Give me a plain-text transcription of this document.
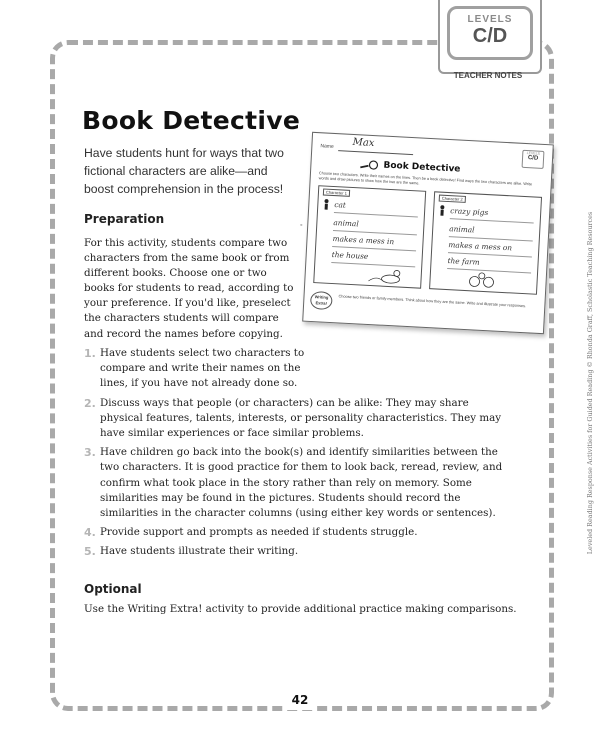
LEVELS
C/D
TEACHER NOTES
Book Detective

Have students hunt for ways that two fictional characters are alike—and boost comprehension in the process!

Preparation

For this activity, students compare two characters from the same book or from different books. Choose one or two books for students to read, according to your preference. If you'd like, preselect the characters students will compare and record the names before copying.

Name Max
LEVELS
C/D
Book Detective
Choose two characters. Write their names on the lines. Then be a book detective! Find ways the two characters are alike. Write words and draw pictures to show how the two are the same.
≈
Character 1
cat
animal
makes a mess in
the house
Character 2
crazy pigs
animal
makes a mess on
the farm
Writing Extra!	Choose two friends or family members. Think about how they are the same. Write and illustrate your responses.
1. Have students select two characters to compare and write their names on the lines, if you have not already done so.
2. Discuss ways that people (or characters) can be alike: They may share physical features, talents, interests, or personality characteristics. They may have similar experiences or face similar problems.
3. Have children go back into the book(s) and identify similarities between the two characters. It is good practice for them to look back, reread, review, and confirm what took place in the story rather than rely on memory. Some similarities may be found in the pictures. Students should record the similarities in the character columns (using either key words or sentences).
4. Provide support and prompts as needed if students struggle.
5. Have students illustrate their writing.
Optional

Use the Writing Extra! activity to provide additional practice making comparisons.

42
Leveled Reading Response Activities for Guided Reading © Rhonda Graff, Scholastic Teaching Resources
